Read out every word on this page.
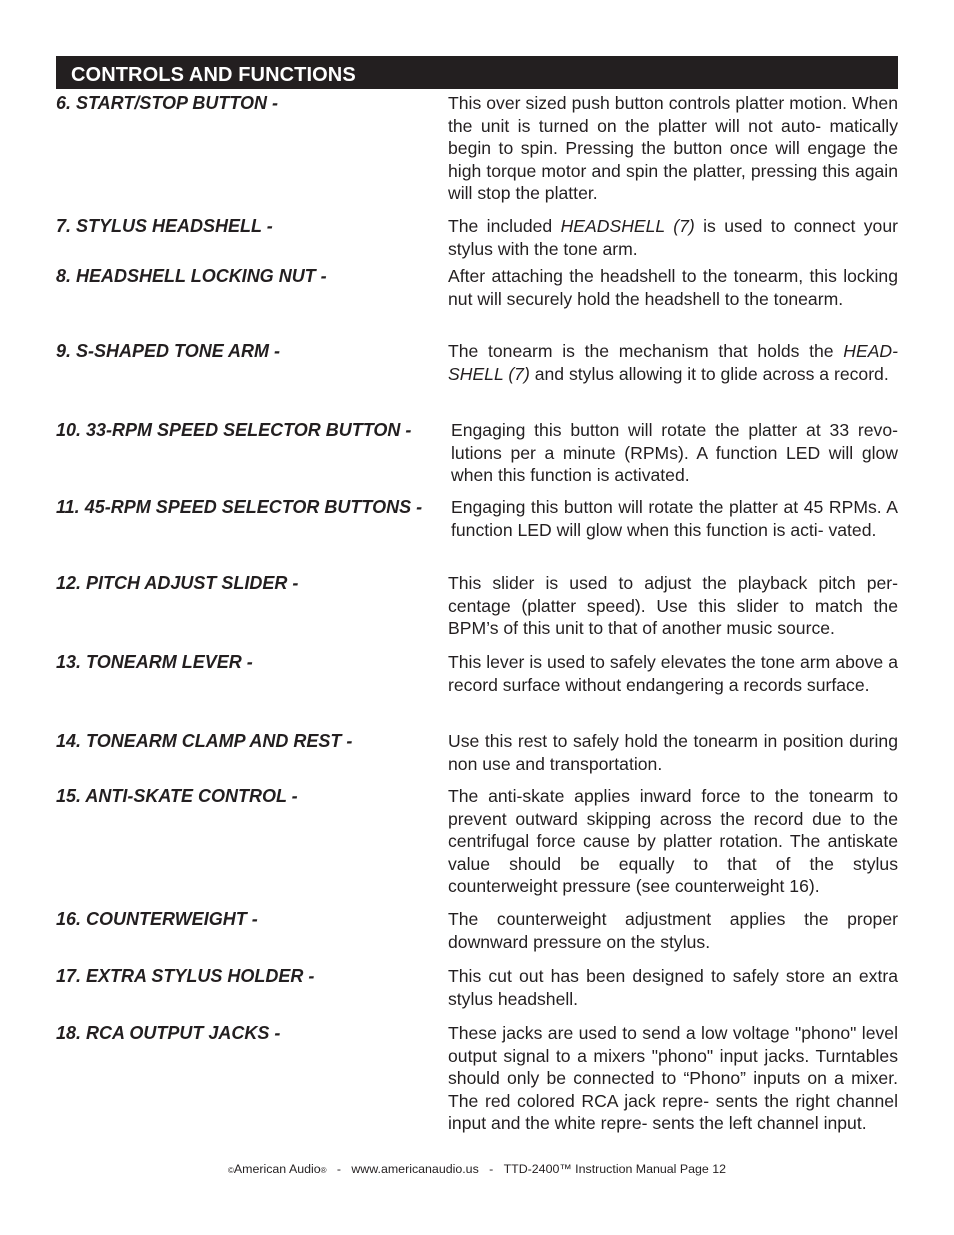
CONTROLS AND FUNCTIONS
6. START/STOP BUTTON -	This over sized push button controls platter motion. When the unit is turned on the platter will not auto- matically begin to spin. Pressing the button once will engage the high torque motor and spin the platter, pressing this again will stop the platter.
7. STYLUS HEADSHELL -	The included HEADSHELL (7) is used to connect your stylus with the tone arm.
8. HEADSHELL LOCKING NUT -	After attaching the headshell to the tonearm, this locking nut will securely hold the headshell to the tonearm.
9. S-SHAPED TONE ARM -	The tonearm is the mechanism that holds the HEAD- SHELL (7) and stylus allowing it to glide across a record.
10. 33-RPM SPEED SELECTOR BUTTON - Engaging this button will rotate the platter at 33 revo- lutions per a minute (RPMs). A function LED will glow when this function is activated.
11. 45-RPM SPEED SELECTOR BUTTONS - Engaging this button will rotate the platter at 45 RPMs. A function LED will glow when this function is acti- vated.
12. PITCH ADJUST SLIDER -	This slider is used to adjust the playback pitch per- centage (platter speed). Use this slider to match the BPM’s of this unit to that of another music source.
13. TONEARM LEVER -	This lever is used to safely elevates the tone arm above a record surface without endangering a records surface.
14. TONEARM CLAMP AND REST -	Use this rest to safely hold the tonearm in position during non use and transportation.
15. ANTI-SKATE CONTROL -	The anti-skate applies inward force to the tonearm to prevent outward skipping across the record due to the centrifugal force cause by platter rotation. The antiskate value should be equally to that of the stylus counterweight pressure (see counterweight 16).
16. COUNTERWEIGHT -	The counterweight adjustment applies the proper downward pressure on the stylus.
17. EXTRA STYLUS HOLDER -	This cut out has been designed to safely store an extra stylus headshell.
18. RCA OUTPUT JACKS -	These jacks are used to send a low voltage "phono" level output signal to a mixers "phono" input jacks. Turntables should only be connected to “Phono” inputs on a mixer. The red colored RCA jack repre- sents the right channel input and the white repre- sents the left channel input.
©American Audio® - www.americanaudio.us - TTD-2400™ Instruction Manual Page 12
